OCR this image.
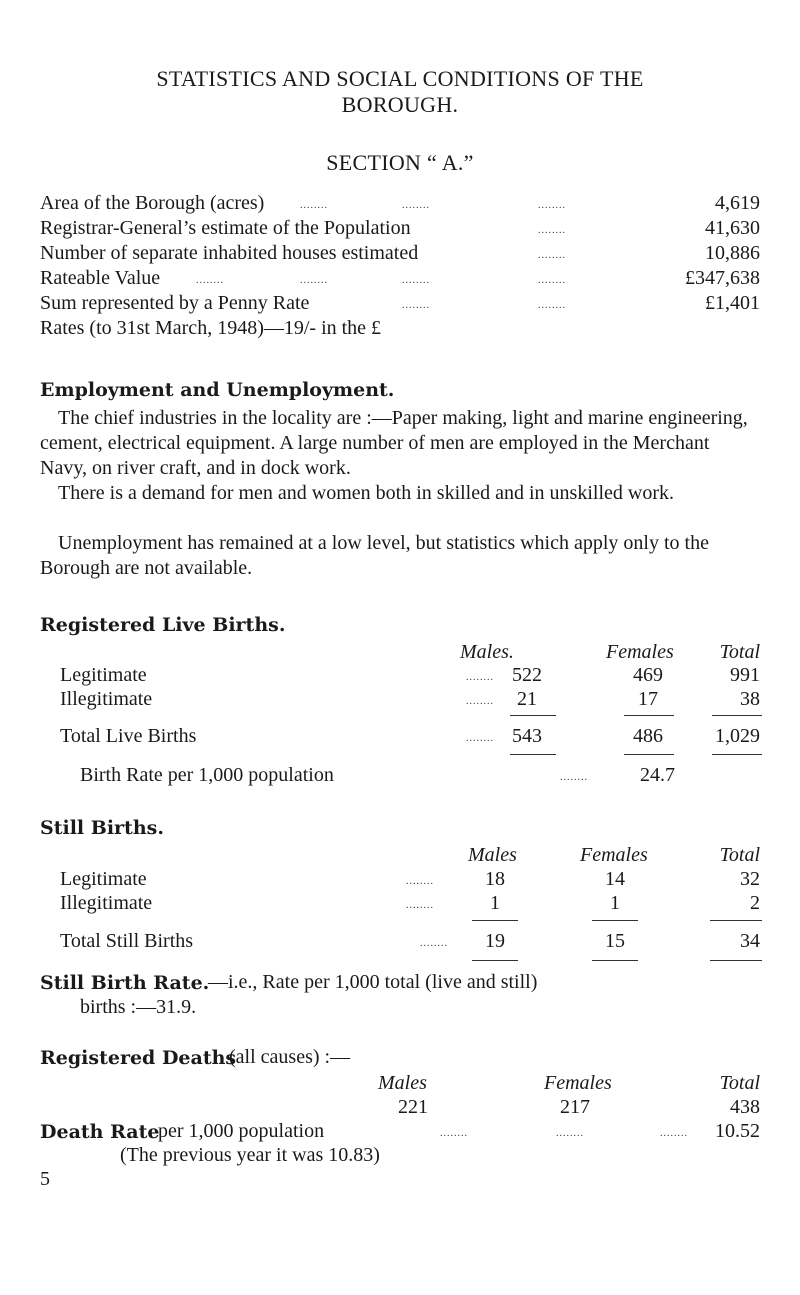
STATISTICS AND SOCIAL CONDITIONS OF THE
BOROUGH.
SECTION “ A.”
Area of the Borough (acres)	........	........	........	4,619
Registrar-General’s estimate of the Population	........	41,630
Number of separate inhabited houses estimated	........	10,886
Rateable Value	........	........	........	........	£347,638
Sum represented by a Penny Rate	........	........	£1,401
Rates (to 31st March, 1948)—19/- in the £
Employment and Unemployment.
The chief industries in the locality are :—Paper making, light and marine engineering, cement, electrical equipment. A large number of men are employed in the Merchant Navy, on river craft, and in dock work.
There is a demand for men and women both in skilled and in unskilled work.
Unemployment has remained at a low level, but statistics which apply only to the Borough are not available.
Registered Live Births.
Males.	Females	Total
Legitimate	........ 522	469	991
Illegitimate	........ 21	17	38
Total Live Births	........ 543	486	1,029
Birth Rate per 1,000 population	........	24.7
Still Births.
Males	Females	Total
Legitimate	........	18	14	32
Illegitimate	........	1	1	2
Total Still Births	........	19	15	34
Still Birth Rate.
—i.e., Rate per 1,000 total (live and still)
births :—31.9.
Registered Deaths
(all causes) :—
Males	Females	Total
221	217	438
Death Rate
per 1,000 population	........	........	........	10.52
(The previous year it was 10.83)
5
